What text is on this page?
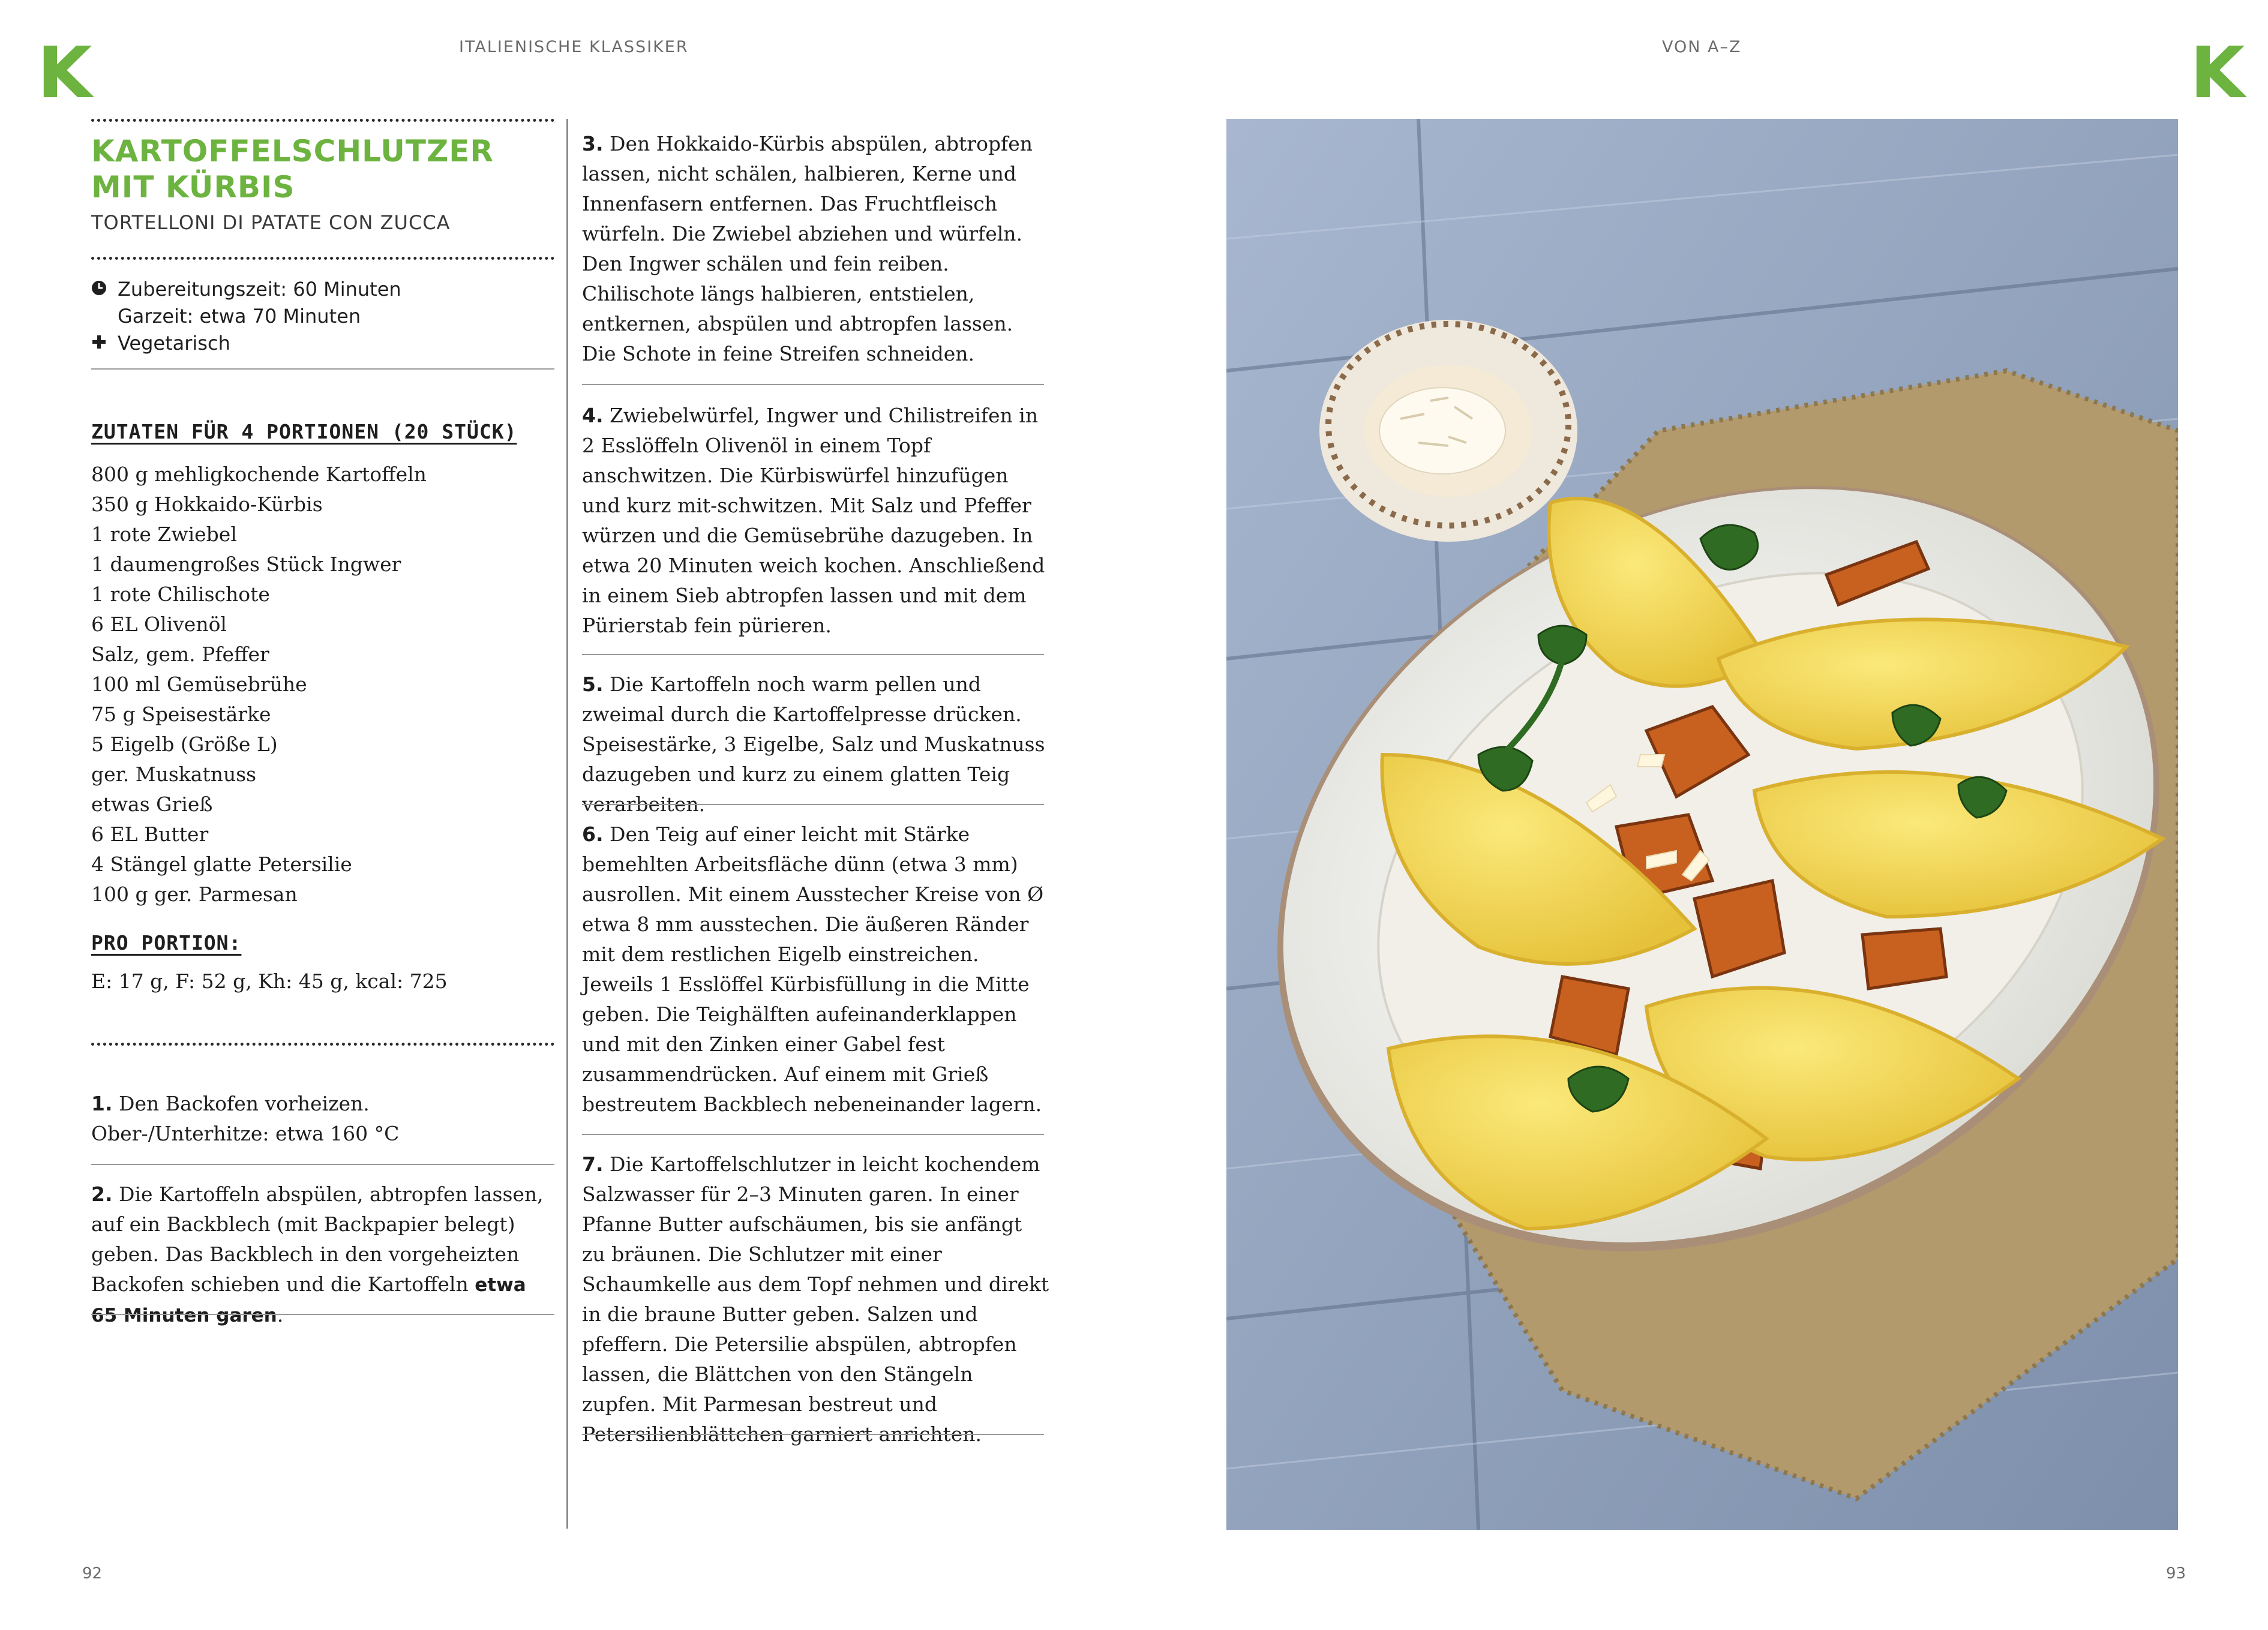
K	ITALIENISCHE KLASSIKER	VON A–Z	K
KARTOFFELSCHLUTZER
MIT KÜRBIS
TORTELLONI DI PATATE CON ZUCCA
Zubereitungszeit: 60 Minuten
Garzeit: etwa 70 Minuten
Vegetarisch
ZUTATEN FÜR 4 PORTIONEN (20 STÜCK)
800 g mehligkochende Kartoffeln
350 g Hokkaido-Kürbis
1 rote Zwiebel
1 daumengroßes Stück Ingwer
1 rote Chilischote
6 EL Olivenöl
Salz, gem. Pfeffer
100 ml Gemüsebrühe
75 g Speisestärke
5 Eigelb (Größe L)
ger. Muskatnuss
etwas Grieß
6 EL Butter
4 Stängel glatte Petersilie
100 g ger. Parmesan
PRO PORTION:
E: 17 g, F: 52 g, Kh: 45 g, kcal: 725

1. Den Backofen vorheizen. Ober-/Unterhitze: etwa 160 °C

2. Die Kartoffeln abspülen, abtropfen lassen, auf ein Backblech (mit Backpapier belegt) geben. Das Backblech in den vorgeheizten Backofen schieben und die Kartoffeln etwa 65 Minuten garen.

3. Den Hokkaido-Kürbis abspülen, abtropfen lassen, nicht schälen, halbieren, Kerne und Innenfasern entfernen. Das Fruchtfleisch würfeln. Die Zwiebel abziehen und würfeln. Den Ingwer schälen und fein reiben. Chilischote längs halbieren, entstielen, entkernen, abspülen und abtropfen lassen. Die Schote in feine Streifen schneiden.

4. Zwiebelwürfel, Ingwer und Chilistreifen in 2 Esslöffeln Olivenöl in einem Topf anschwitzen. Die Kürbiswürfel hinzufügen und kurz mit-schwitzen. Mit Salz und Pfeffer würzen und die Gemüsebrühe dazugeben. In etwa 20 Minuten weich kochen. Anschließend in einem Sieb abtropfen lassen und mit dem Pürierstab fein pürieren.

5. Die Kartoffeln noch warm pellen und zweimal durch die Kartoffelpresse drücken. Speisestärke, 3 Eigelbe, Salz und Muskatnuss dazugeben und kurz zu einem glatten Teig verarbeiten.

6. Den Teig auf einer leicht mit Stärke bemehlten Arbeitsfläche dünn (etwa 3 mm) ausrollen. Mit einem Ausstecher Kreise von Ø etwa 8 mm ausstechen. Die äußeren Ränder mit dem restlichen Eigelb einstreichen. Jeweils 1 Esslöffel Kürbisfüllung in die Mitte geben. Die Teighälften aufeinanderklappen und mit den Zinken einer Gabel fest zusammendrücken. Auf einem mit Grieß bestreutem Backblech nebeneinander lagern.

7. Die Kartoffelschlutzer in leicht kochendem Salzwasser für 2–3 Minuten garen. In einer Pfanne Butter aufschäumen, bis sie anfängt zu bräunen. Die Schlutzer mit einer Schaumkelle aus dem Topf nehmen und direkt in die braune Butter geben. Salzen und pfeffern. Die Petersilie abspülen, abtropfen lassen, die Blättchen von den Stängeln zupfen. Mit Parmesan bestreut und Petersilienblättchen garniert anrichten.

92	93
